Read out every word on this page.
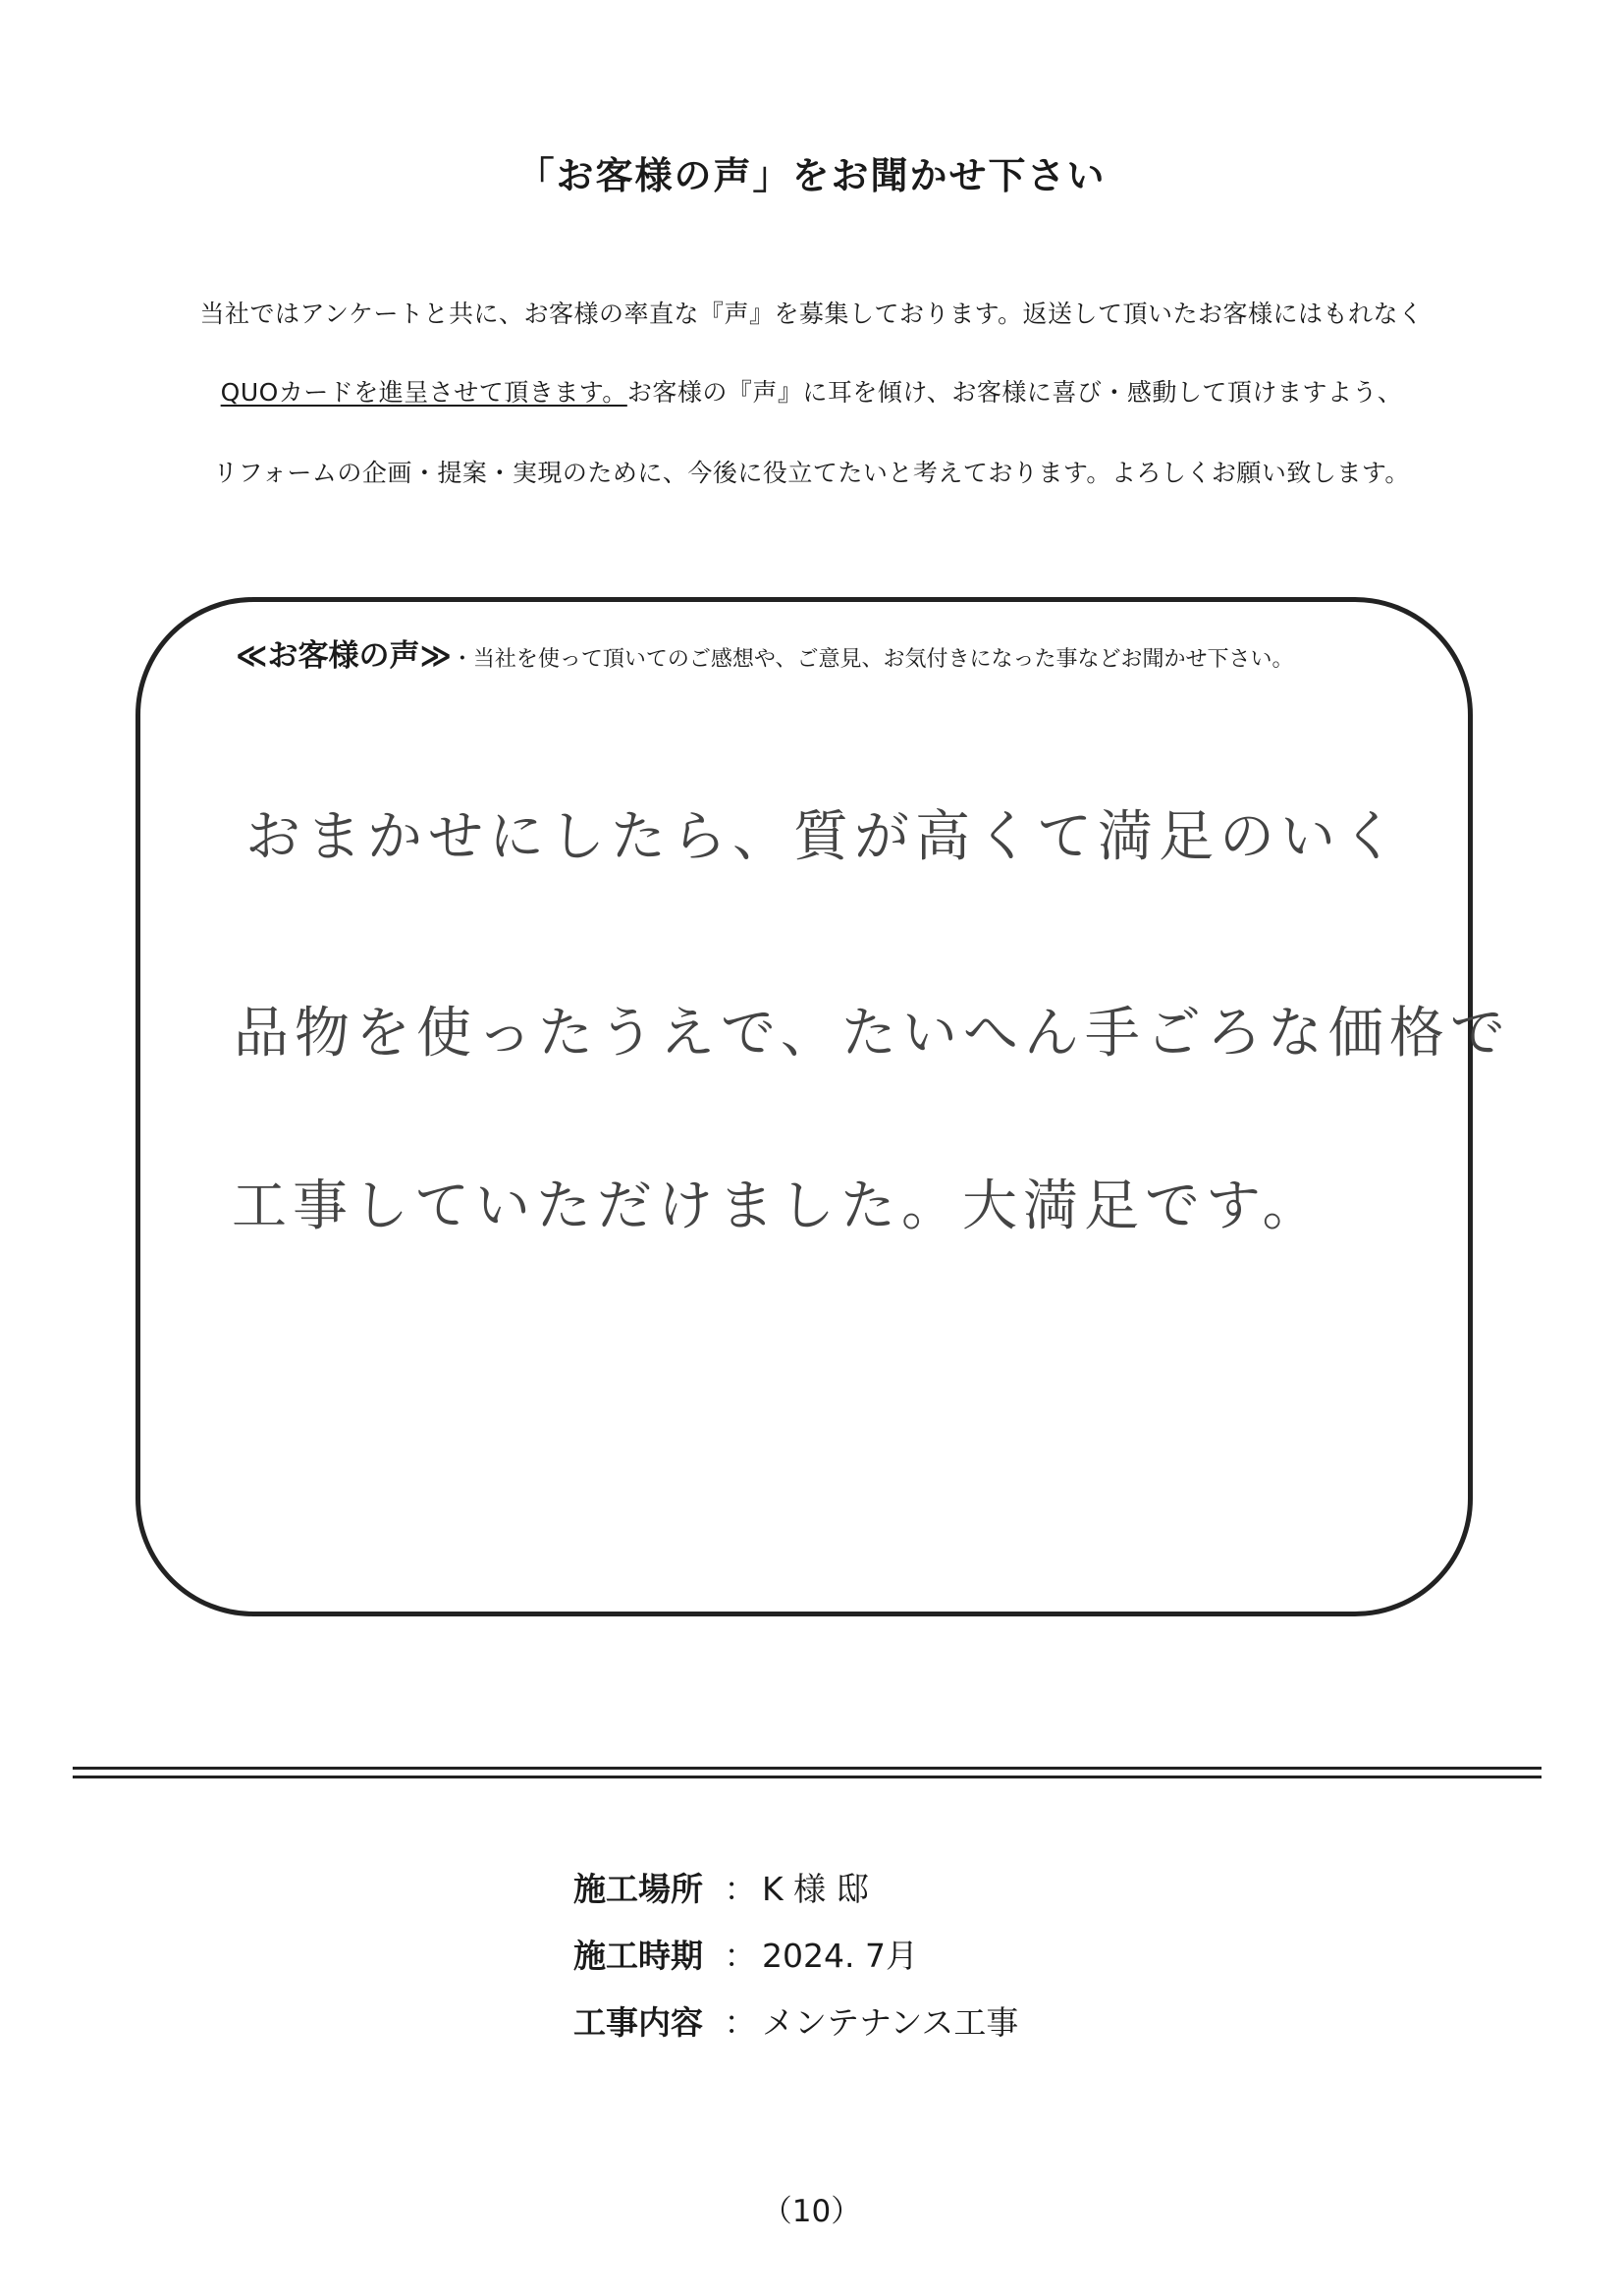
「お客様の声」をお聞かせ下さい
当社ではアンケートと共に、お客様の率直な『声』を募集しております。返送して頂いたお客様にはもれなく
QUOカードを進呈させて頂きます。お客様の『声』に耳を傾け、お客様に喜び・感動して頂けますよう、
リフォームの企画・提案・実現のために、今後に役立てたいと考えております。よろしくお願い致します。
≪お客様の声≫・当社を使って頂いてのご感想や、ご意見、お気付きになった事などお聞かせ下さい。
おまかせにしたら、質が高くて満足のいく
品物を使ったうえで、たいへん手ごろな価格で
工事していただけました。大満足です。
施工場所 ： K 様 邸
施工時期 ： 2024. 7月
工事内容 ： メンテナンス工事
（10）
